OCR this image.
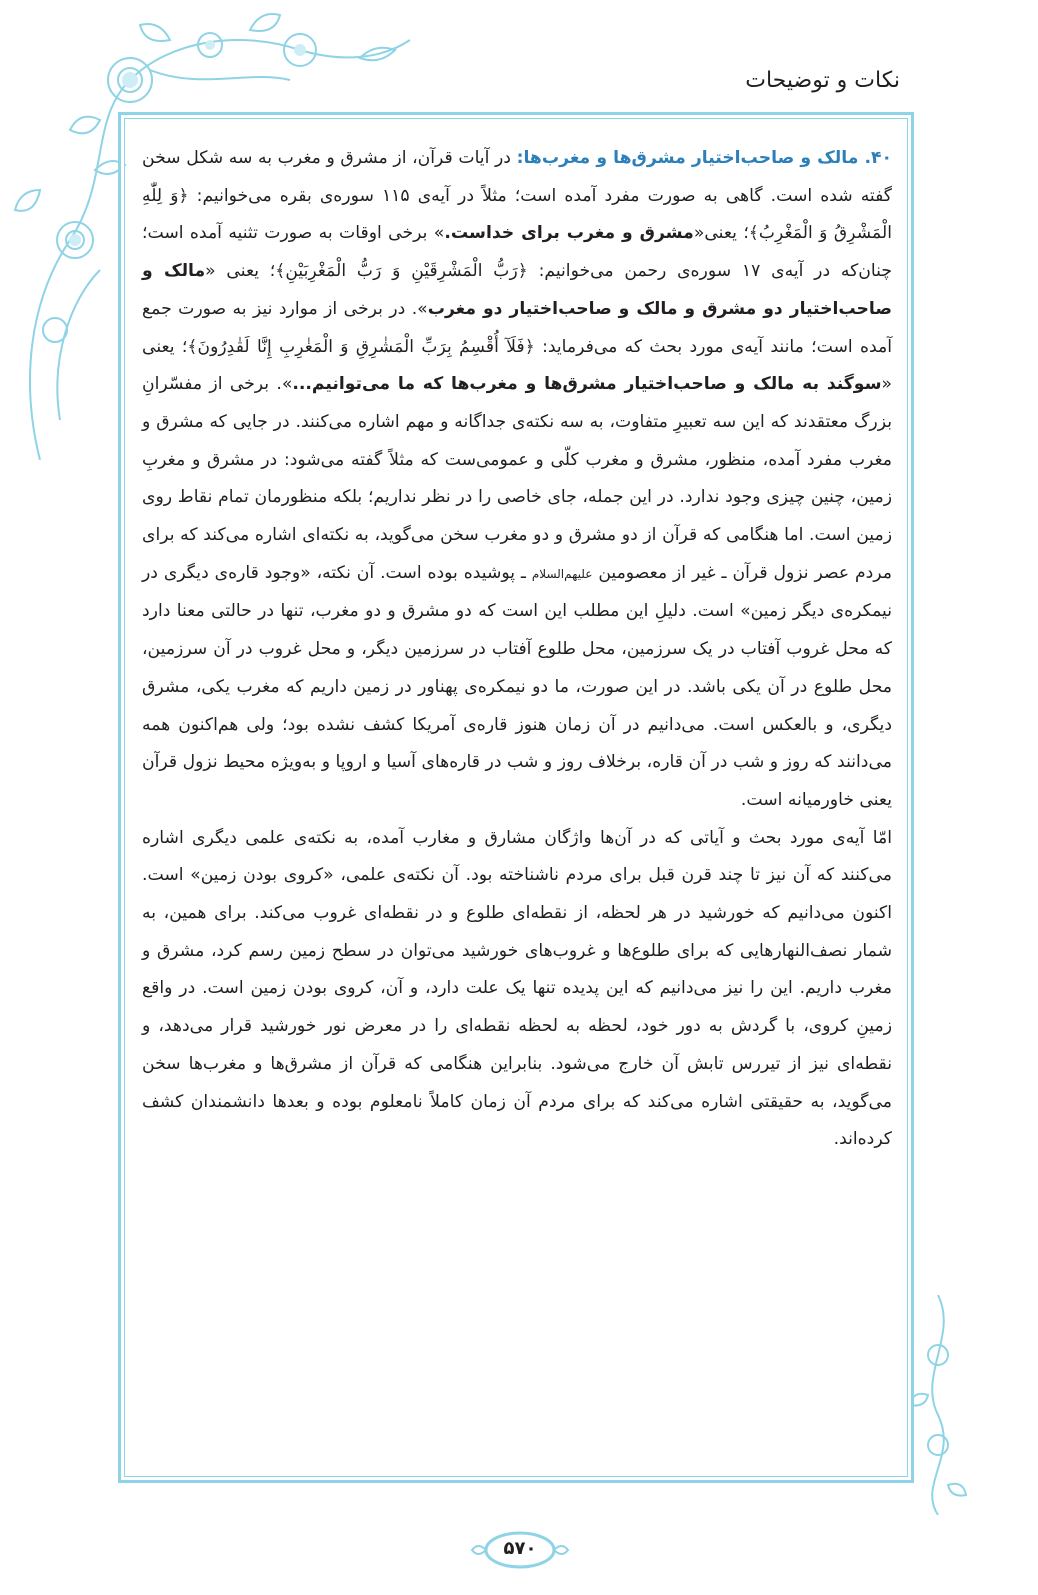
نکات و توضیحات

۴۰. مالک و صاحب‌اختیار مشرق‌ها و مغرب‌ها: در آیات قرآن، از مشرق و مغرب به سه شکل سخن گفته شده است. گاهی به صورت مفرد آمده است؛ مثلاً در آیه‌ی ۱۱۵ سوره‌ی بقره می‌خوانیم: ﴿وَ لِلّٰهِ الْمَشْرِقُ وَ الْمَغْرِبُ﴾؛ یعنی«مشرق و مغرب برای خداست.» برخی اوقات به صورت تثنیه آمده است؛ چنان‌که در آیه‌ی ۱۷ سوره‌ی رحمن می‌خوانیم: ﴿رَبُّ الْمَشْرِقَيْنِ وَ رَبُّ الْمَغْرِبَيْنِ﴾؛ یعنی «مالک و صاحب‌اختیار دو مشرق و مالک و صاحب‌اختیار دو مغرب». در برخی از موارد نیز به صورت جمع آمده است؛ مانند آیه‌ی مورد بحث که می‌فرماید: ﴿فَلَآ أُقْسِمُ بِرَبِّ الْمَشٰرِقِ وَ الْمَغٰرِبِ إِنَّا لَقٰدِرُونَ﴾؛ یعنی «سوگند به مالک و صاحب‌اختیار مشرق‌ها و مغرب‌ها که ما می‌توانیم...». برخی از مفسّرانِ بزرگ معتقدند که این سه تعبیرِ متفاوت، به سه نکته‌ی جداگانه و مهم اشاره می‌کنند. در جایی که مشرق و مغرب مفرد آمده، منظور، مشرق و مغرب کلّی و عمومی‌ست که مثلاً گفته می‌شود: در مشرق و مغربِ زمین، چنین چیزی وجود ندارد. در این جمله، جای خاصی را در نظر نداریم؛ بلکه منظورمان تمام نقاط روی زمین است. اما هنگامی که قرآن از دو مشرق و دو مغرب سخن می‌گوید، به نکته‌ای اشاره می‌کند که برای مردم عصر نزول قرآن ـ غیر از معصومین علیهم‌السلام ـ پوشیده بوده است. آن نکته، «وجود قاره‌ی دیگری در نیمکره‌ی دیگر زمین» است. دلیلِ این مطلب این است که دو مشرق و دو مغرب، تنها در حالتی معنا دارد که محل غروب آفتاب در یک سرزمین، محل طلوع آفتاب در سرزمین دیگر، و محل غروب در آن سرزمین، محل طلوع در آن یکی باشد. در این صورت، ما دو نیمکره‌ی پهناور در زمین داریم که مغرب یکی، مشرق دیگری، و بالعکس است. می‌دانیم در آن زمان هنوز قاره‌ی آمریکا کشف نشده بود؛ ولی هم‌اکنون همه می‌دانند که روز و شب در آن قاره، برخلاف روز و شب در قاره‌های آسیا و اروپا و به‌ویژه محیط نزول قرآن یعنی خاورمیانه است.

امّا آیه‌ی مورد بحث و آیاتی که در آن‌ها واژگان مشارق و مغارب آمده، به نکته‌ی علمی دیگری اشاره می‌کنند که آن نیز تا چند قرن قبل برای مردم ناشناخته بود. آن نکته‌ی علمی، «کروی بودن زمین» است. اکنون می‌دانیم که خورشید در هر لحظه، از نقطه‌ای طلوع و در نقطه‌ای غروب می‌کند. برای همین، به شمار نصف‌النهارهایی که برای طلوع‌ها و غروب‌های خورشید می‌توان در سطح زمین رسم کرد، مشرق و مغرب داریم. این را نیز می‌دانیم که این پدیده تنها یک علت دارد، و آن، کروی بودن زمین است. در واقع زمینِ کروی، با گردش به دور خود، لحظه به لحظه نقطه‌ای را در معرض نور خورشید قرار می‌دهد، و نقطه‌ای نیز از تیررس تابش آن خارج می‌شود. بنابراین هنگامی که قرآن از مشرق‌ها و مغرب‌ها سخن می‌گوید، به حقیقتی اشاره می‌کند که برای مردم آن زمان کاملاً نامعلوم بوده و بعدها دانشمندان کشف کرده‌اند.

۵۷۰
